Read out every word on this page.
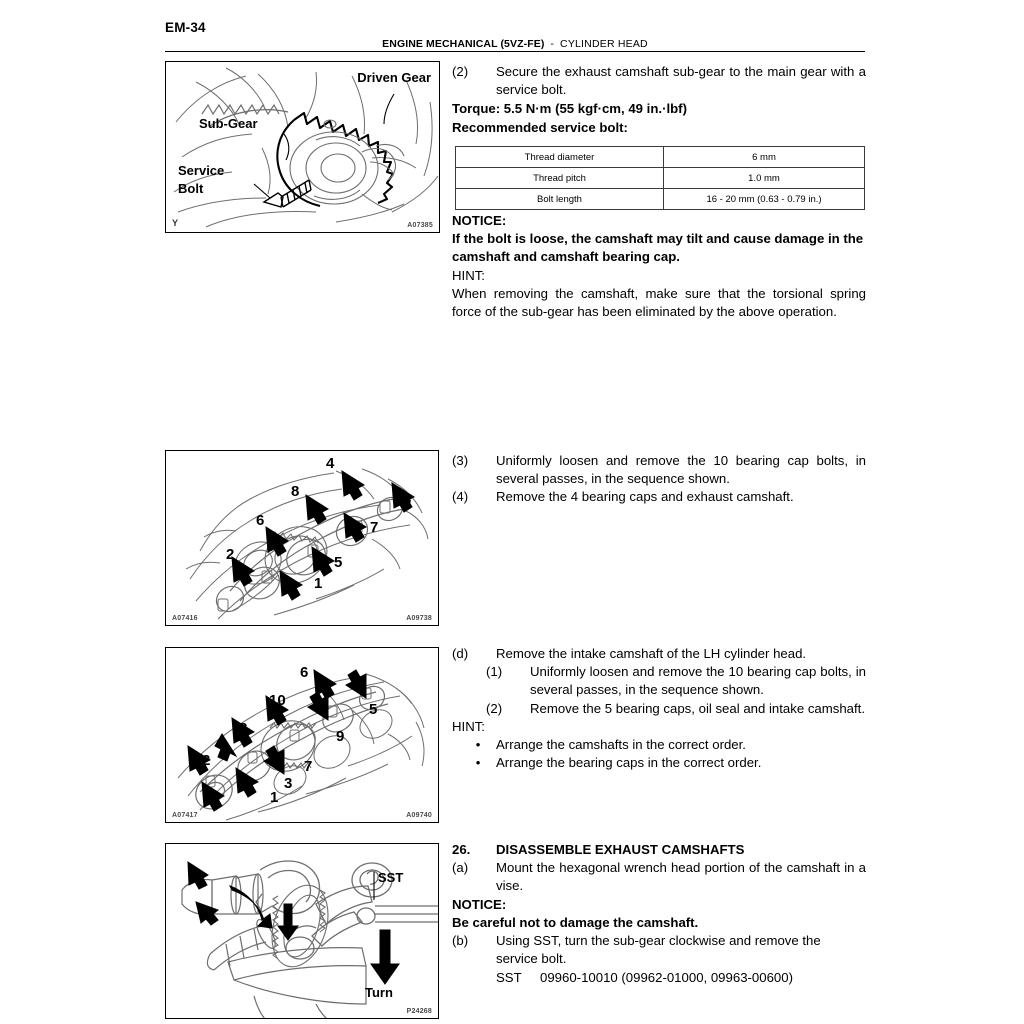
EM-34
ENGINE MECHANICAL (5VZ-FE) - CYLINDER HEAD
Driven Gear
Sub-Gear
Service
Bolt
Y	A07385
(2)	Secure the exhaust camshaft sub-gear to the main gear with a service bolt.
Torque: 5.5 N·m (55 kgf·cm, 49 in.·lbf)
Recommended service bolt:
Thread diameter	6 mm
Thread pitch	1.0 mm
Bolt length	16 - 20 mm (0.63 - 0.79 in.)
NOTICE:
If the bolt is loose, the camshaft may tilt and cause damage in the camshaft and camshaft bearing cap.
HINT:
When removing the camshaft, make sure that the torsional spring force of the sub-gear has been eliminated by the above operation.
4
8	3
6	7
2	5
1
A07416	A09738
(3)	Uniformly loosen and remove the 10 bearing cap bolts, in several passes, in the sequence shown.
(4)	Remove the 4 bearing caps and exhaust camshaft.
6
10
5
8	9
4
2	7
3
1
A07417	A09740
(d)	Remove the intake camshaft of the LH cylinder head.
(1)	Uniformly loosen and remove the 10 bearing cap bolts, in several passes, in the sequence shown.
(2)	Remove the 5 bearing caps, oil seal and intake camshaft.
HINT:
•	Arrange the camshafts in the correct order.
•	Arrange the bearing caps in the correct order.
SST
Turn
P24268
26.	DISASSEMBLE EXHAUST CAMSHAFTS
(a)	Mount the hexagonal wrench head portion of the camshaft in a vise.
NOTICE:
Be careful not to damage the camshaft.
(b)	Using SST, turn the sub-gear clockwise and remove the service bolt.
SST	09960-10010 (09962-01000, 09963-00600)
